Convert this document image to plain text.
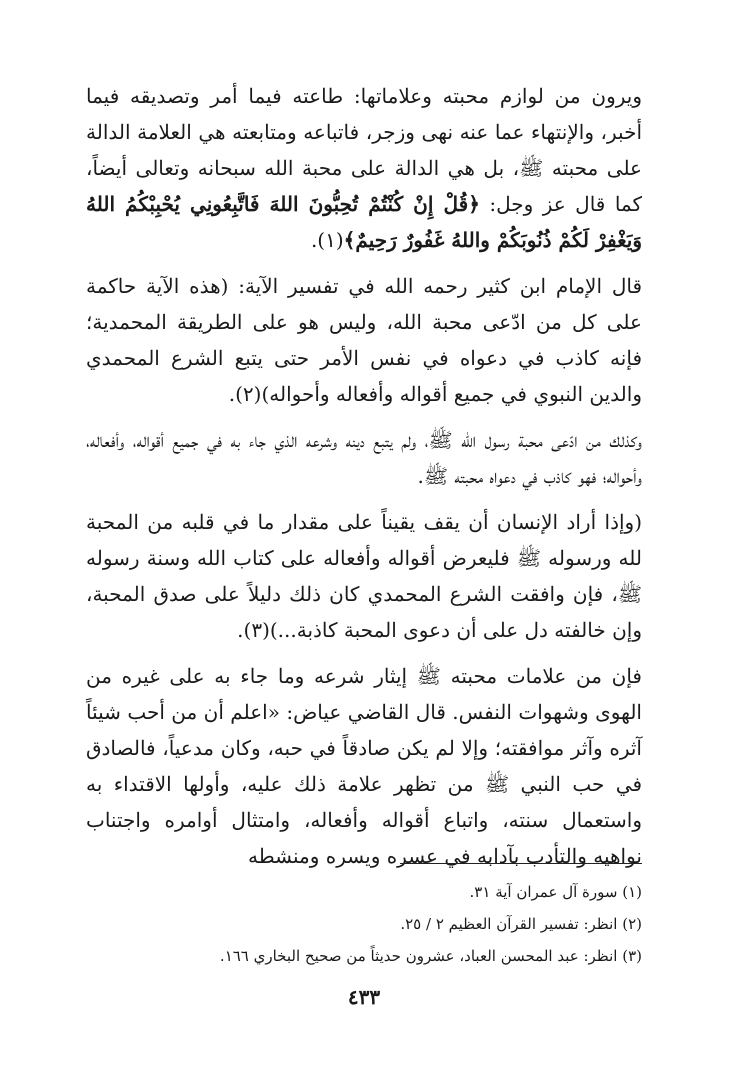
ويرون من لوازم محبته وعلاماتها: طاعته فيما أمر وتصديقه فيما أخبر، والإنتهاء عما عنه نهى وزجر، فاتباعه ومتابعته هي العلامة الدالة على محبته ﷺ، بل هي الدالة على محبة الله سبحانه وتعالى أيضاً، كما قال عز وجل: ﴿قُلْ إِنْ كُنْتُمْ تُحِبُّونَ اللهَ فَاتَّبِعُونِي يُحْبِبْكُمُ اللهُ وَيَغْفِرْ لَكُمْ ذُنُوبَكُمْ واللهُ غَفُورٌ رَحِيمٌ﴾(١).

قال الإمام ابن كثير رحمه الله في تفسير الآية: (هذه الآية حاكمة على كل من ادّعى محبة الله، وليس هو على الطريقة المحمدية؛ فإنه كاذب في دعواه في نفس الأمر حتى يتبع الشرع المحمدي والدين النبوي في جميع أقواله وأفعاله وأحواله)(٢).

وكذلك من ادّعى محبة رسول الله ﷺ، ولم يتبع دينه وشرعه الذي جاء به في جميع أقواله، وأفعاله، وأحواله؛ فهو كاذب في دعواه محبته ﷺ.

(وإذا أراد الإنسان أن يقف يقيناً على مقدار ما في قلبه من المحبة لله ورسوله ﷺ فليعرض أقواله وأفعاله على كتاب الله وسنة رسوله ﷺ، فإن وافقت الشرع المحمدي كان ذلك دليلاً على صدق المحبة، وإن خالفته دل على أن دعوى المحبة كاذبة...)(٣).

فإن من علامات محبته ﷺ إيثار شرعه وما جاء به على غيره من الهوى وشهوات النفس. قال القاضي عياض: «اعلم أن من أحب شيئاً آثره وآثر موافقته؛ وإلا لم يكن صادقاً في حبه، وكان مدعياً، فالصادق في حب النبي ﷺ من تظهر علامة ذلك عليه، وأولها الاقتداء به واستعمال سنته، واتباع أقواله وأفعاله، وامتثال أوامره واجتناب نواهيه والتأدب بآدابه في عسره ويسره ومنشطه

(١) سورة آل عمران آية ٣١.

(٢) انظر: تفسير القرآن العظيم ٢ / ٢٥.

(٣) انظر: عبد المحسن العباد، عشرون حديثاً من صحيح البخاري ١٦٦.

٤٣٣
